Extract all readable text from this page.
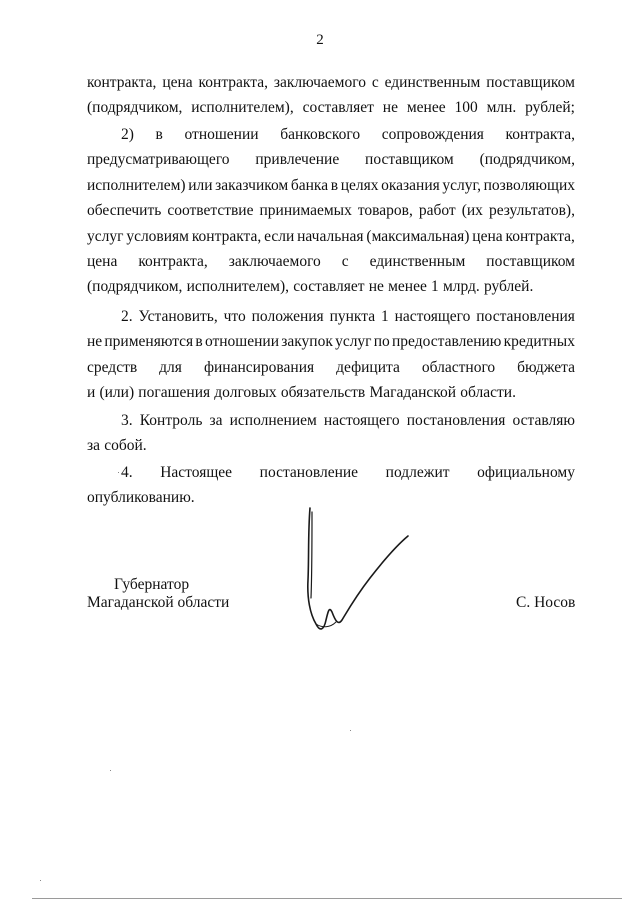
2
контракта, цена контракта, заключаемого с единственным поставщиком
(подрядчиком, исполнителем), составляет не менее 100 млн. рублей;
2) в отношении банковского сопровождения контракта,
предусматривающего привлечение поставщиком (подрядчиком,
исполнителем) или заказчиком банка в целях оказания услуг, позволяющих
обеспечить соответствие принимаемых товаров, работ (их результатов),
услуг условиям контракта, если начальная (максимальная) цена контракта,
цена контракта, заключаемого с единственным поставщиком
(подрядчиком, исполнителем), составляет не менее 1 млрд. рублей.
2. Установить, что положения пункта 1 настоящего постановления
не применяются в отношении закупок услуг по предоставлению кредитных
средств для финансирования дефицита областного бюджета
и (или) погашения долговых обязательств Магаданской области.
3. Контроль за исполнением настоящего постановления оставляю
за собой.
4. Настоящее постановление подлежит официальному
опубликованию.
Губернатор
Магаданской области	С. Носов
